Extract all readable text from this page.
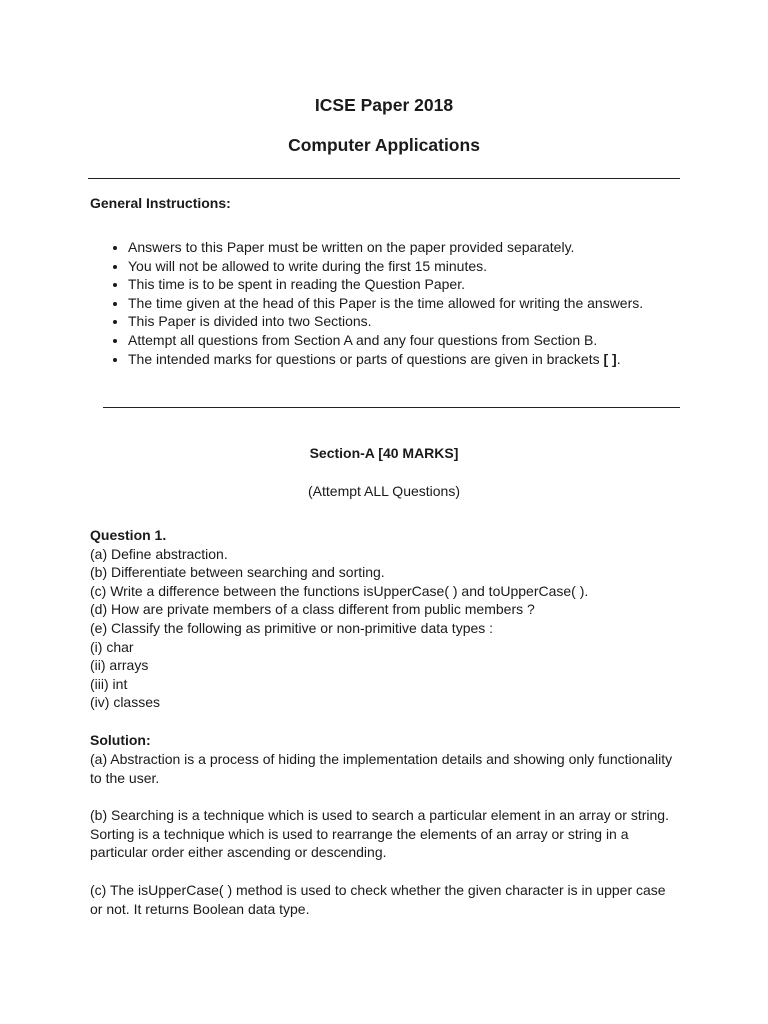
ICSE Paper 2018
Computer Applications

General Instructions:

• Answers to this Paper must be written on the paper provided separately.
• You will not be allowed to write during the first 15 minutes.
• This time is to be spent in reading the Question Paper.
• The time given at the head of this Paper is the time allowed for writing the answers.
• This Paper is divided into two Sections.
• Attempt all questions from Section A and any four questions from Section B.
• The intended marks for questions or parts of questions are given in brackets [ ].

Section-A [40 MARKS]

(Attempt ALL Questions)

Question 1.
(a) Define abstraction.
(b) Differentiate between searching and sorting.
(c) Write a difference between the functions isUpperCase( ) and toUpperCase( ).
(d) How are private members of a class different from public members ?
(e) Classify the following as primitive or non-primitive data types :
(i) char
(ii) arrays
(iii) int
(iv) classes

Solution:

(a) Abstraction is a process of hiding the implementation details and showing only functionality to the user.

(b) Searching is a technique which is used to search a particular element in an array or string. Sorting is a technique which is used to rearrange the elements of an array or string in a particular order either ascending or descending.

(c) The isUpperCase( ) method is used to check whether the given character is in upper case or not. It returns Boolean data type.
